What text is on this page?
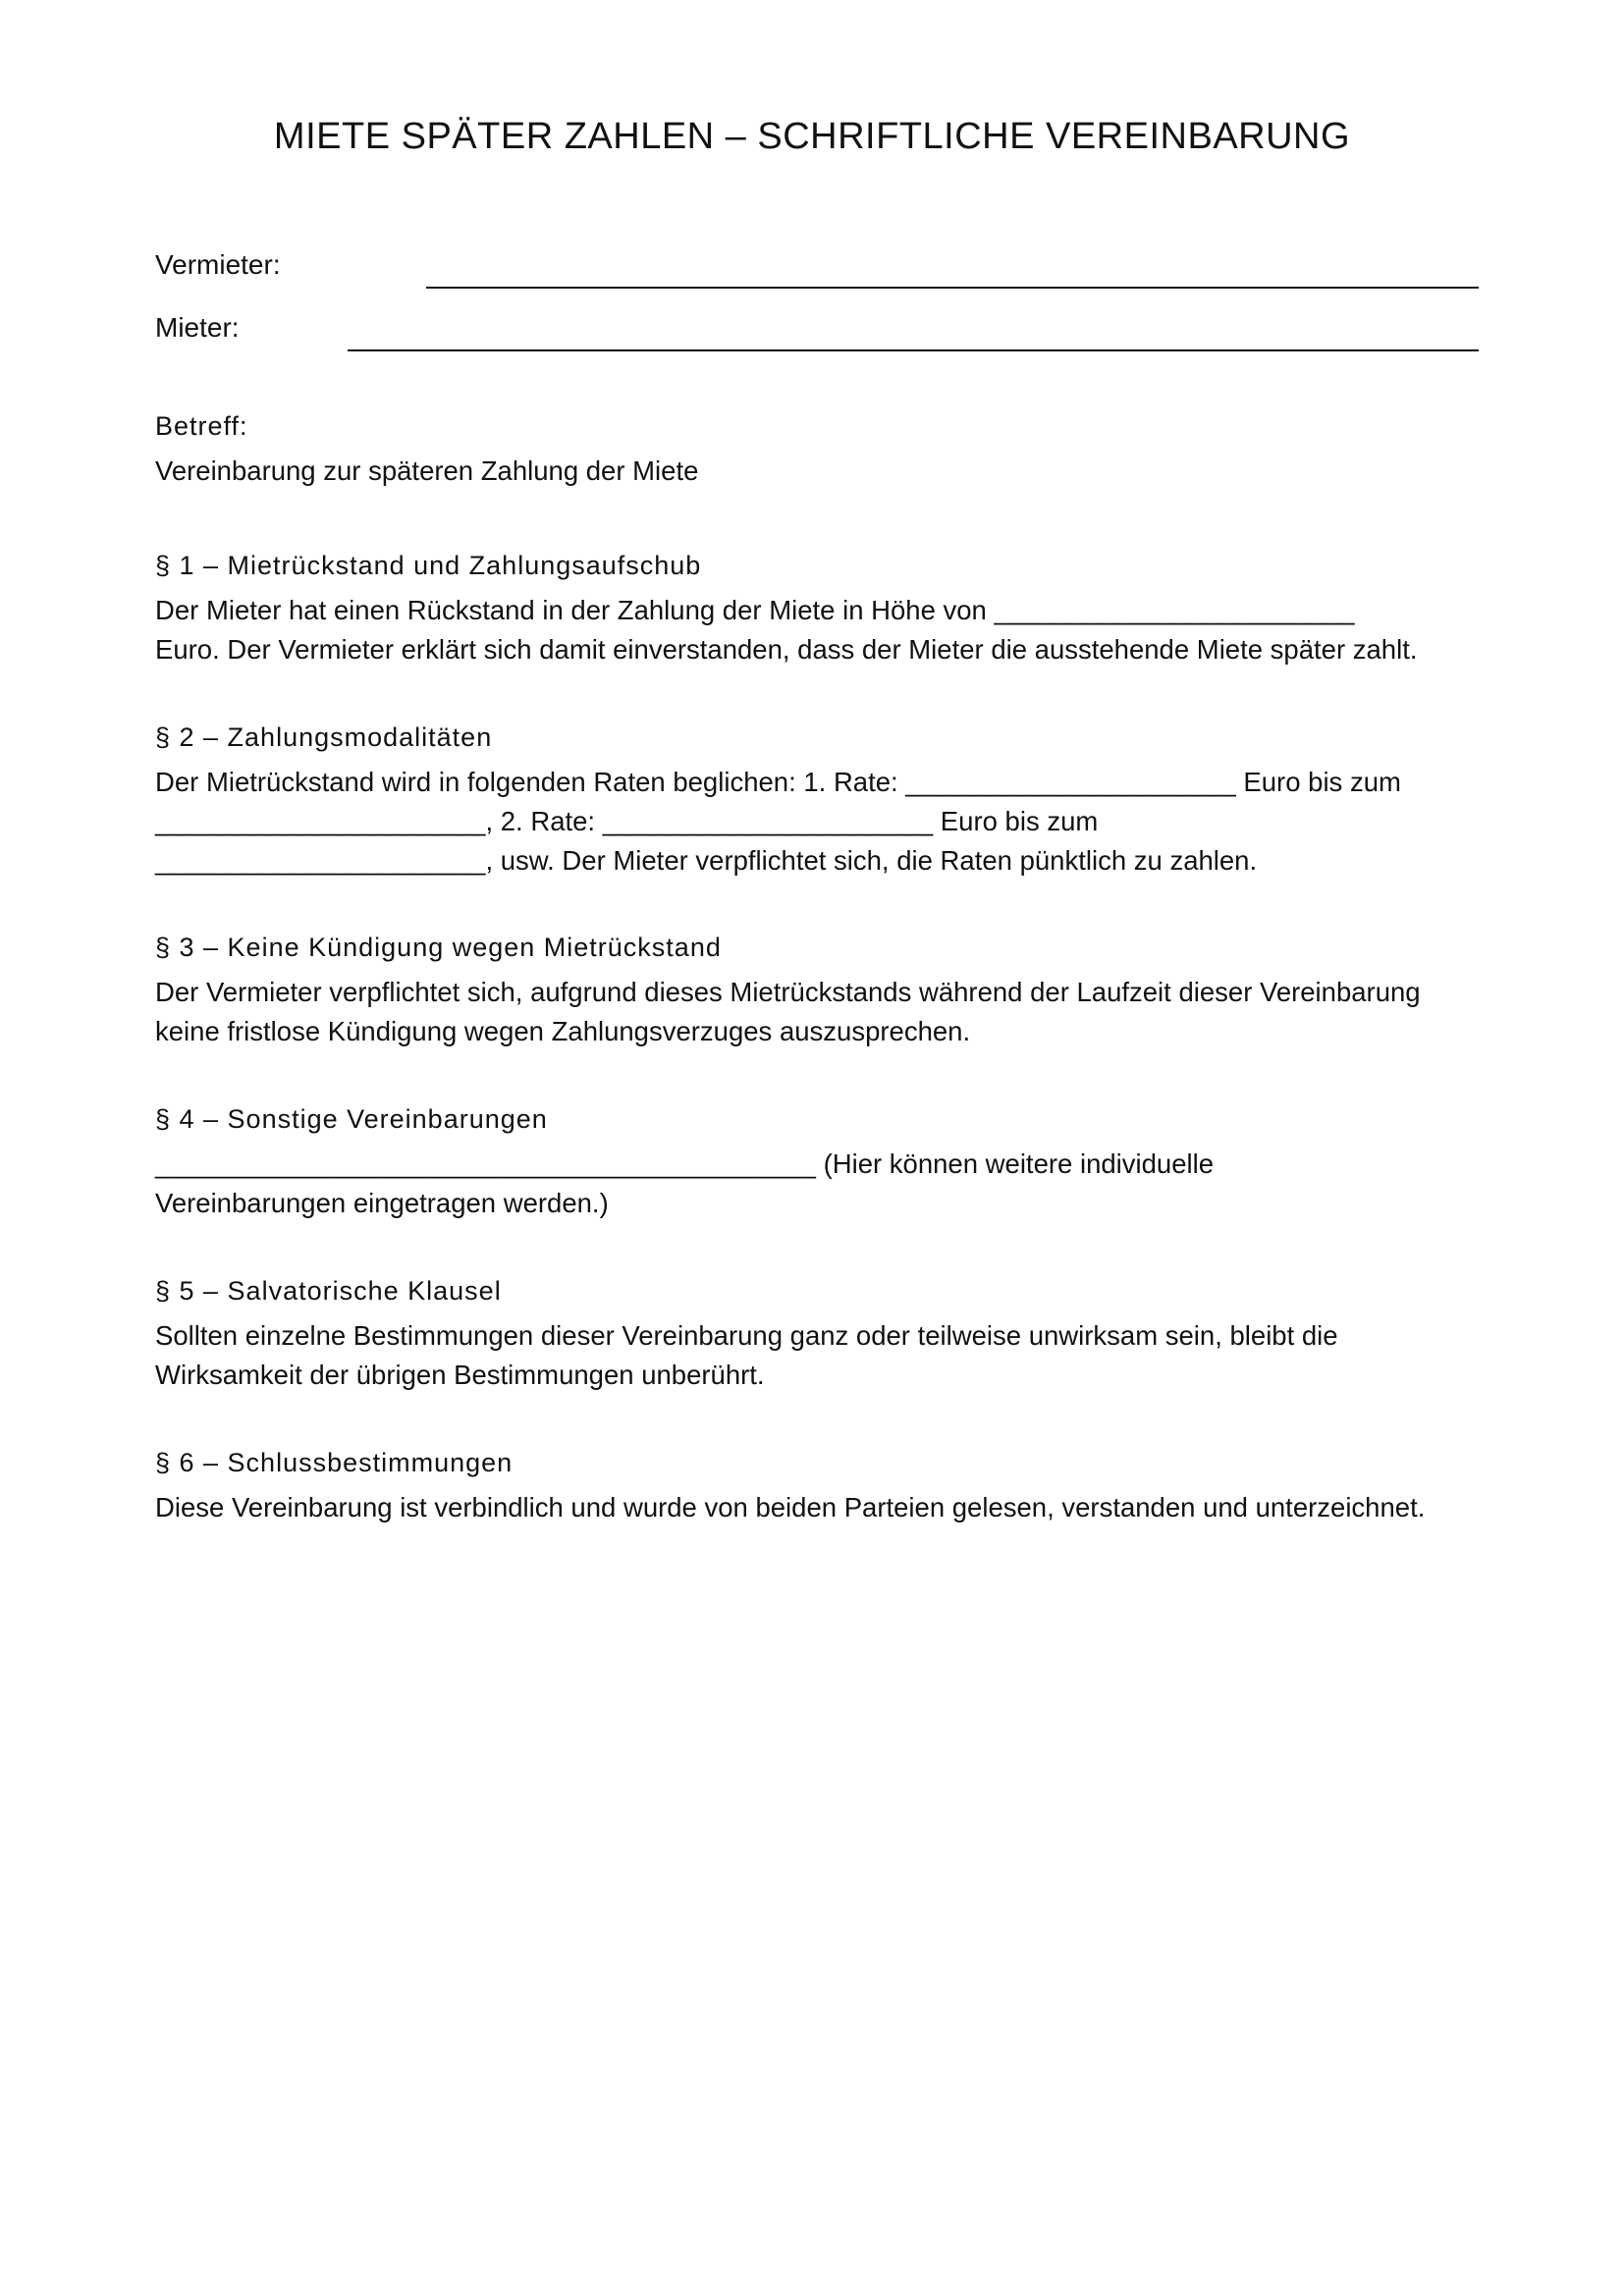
MIETE SPÄTER ZAHLEN – SCHRIFTLICHE VEREINBARUNG
Vermieter:
Mieter:

Betreff:

Vereinbarung zur späteren Zahlung der Miete

§ 1 – Mietrückstand und Zahlungsaufschub

Der Mieter hat einen Rückstand in der Zahlung der Miete in Höhe von ________________________
Euro. Der Vermieter erklärt sich damit einverstanden, dass der Mieter die ausstehende Miete später zahlt.

§ 2 – Zahlungsmodalitäten

Der Mietrückstand wird in folgenden Raten beglichen: 1. Rate: ______________________ Euro bis zum
______________________, 2. Rate: ______________________ Euro bis zum
______________________, usw. Der Mieter verpflichtet sich, die Raten pünktlich zu zahlen.

§ 3 – Keine Kündigung wegen Mietrückstand

Der Vermieter verpflichtet sich, aufgrund dieses Mietrückstands während der Laufzeit dieser Vereinbarung
keine fristlose Kündigung wegen Zahlungsverzuges auszusprechen.

§ 4 – Sonstige Vereinbarungen

____________________________________________ (Hier können weitere individuelle
Vereinbarungen eingetragen werden.)

§ 5 – Salvatorische Klausel

Sollten einzelne Bestimmungen dieser Vereinbarung ganz oder teilweise unwirksam sein, bleibt die
Wirksamkeit der übrigen Bestimmungen unberührt.

§ 6 – Schlussbestimmungen

Diese Vereinbarung ist verbindlich und wurde von beiden Parteien gelesen, verstanden und unterzeichnet.
